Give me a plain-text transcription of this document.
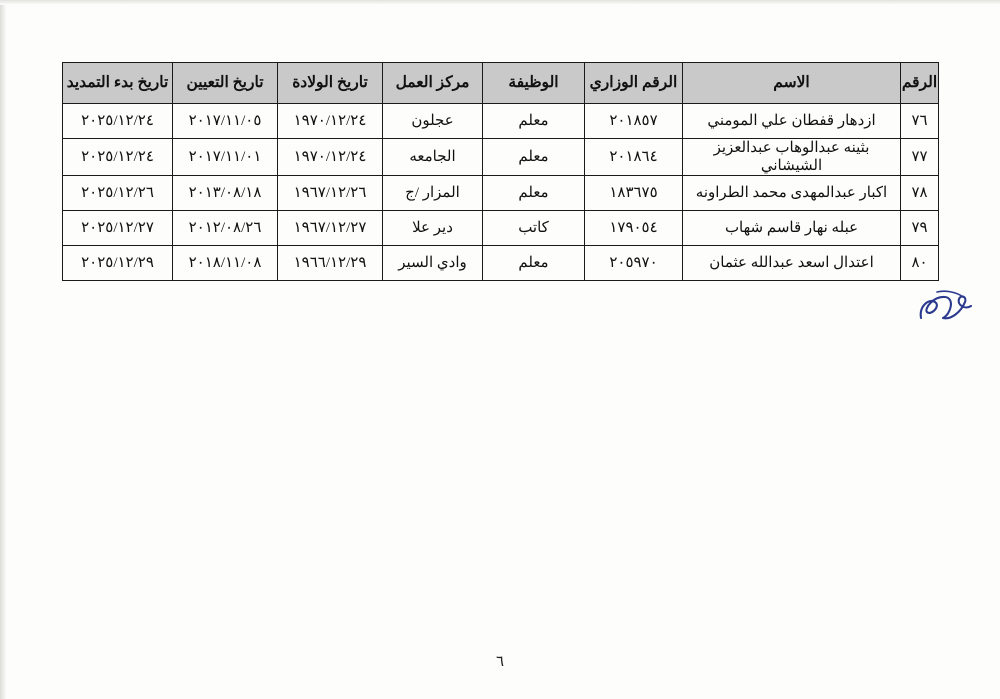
الرقم	الاسم	الرقم الوزاري	الوظيفة	مركز العمل	تاريخ الولادة	تاريخ التعيين	تاريخ بدء التمديد
٧٦	ازدهار قفطان علي المومني	٢٠١٨٥٧	معلم	عجلون	١٩٧٠/١٢/٢٤	٢٠١٧/١١/٠٥	٢٠٢٥/١٢/٢٤
٧٧	بثينه عبدالوهاب عبدالعزيز الشيشاني	٢٠١٨٦٤	معلم	الجامعه	١٩٧٠/١٢/٢٤	٢٠١٧/١١/٠١	٢٠٢٥/١٢/٢٤
٧٨	اكبار عبدالمهدى محمد الطراونه	١٨٣٦٧٥	معلم	المزار /ج	١٩٦٧/١٢/٢٦	٢٠١٣/٠٨/١٨	٢٠٢٥/١٢/٢٦
٧٩	عبله نهار قاسم شهاب	١٧٩٠٥٤	كاتب	دير علا	١٩٦٧/١٢/٢٧	٢٠١٢/٠٨/٢٦	٢٠٢٥/١٢/٢٧
٨٠	اعتدال اسعد عبدالله عثمان	٢٠٥٩٧٠	معلم	وادي السير	١٩٦٦/١٢/٢٩	٢٠١٨/١١/٠٨	٢٠٢٥/١٢/٢٩
٦
